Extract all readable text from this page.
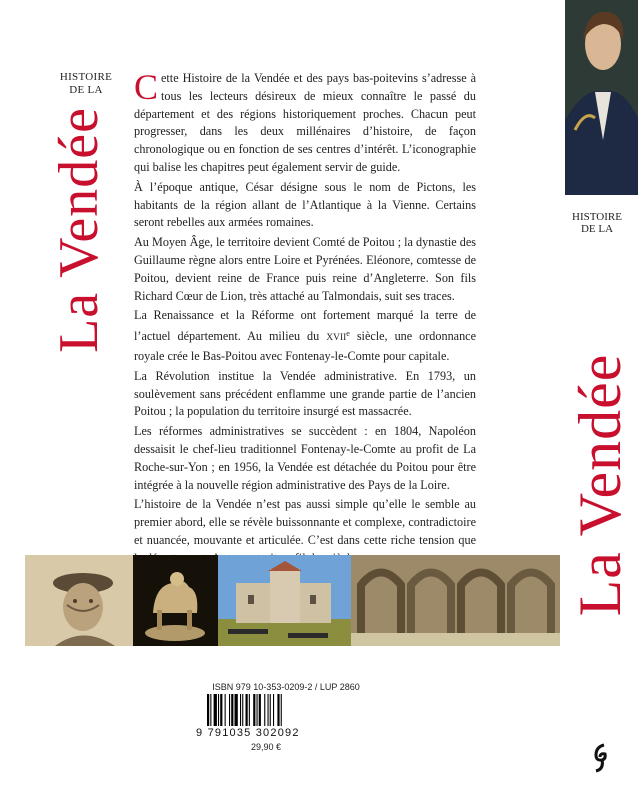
HISTOIRE
DE LA
La Vendée

Cette Histoire de la Vendée et des pays bas-poitevins s’adresse à tous les lecteurs désireux de mieux connaître le passé du département et des régions historiquement proches. Chacun peut progresser, dans les deux millénaires d’histoire, de façon chronologique ou en fonction de ses centres d’intérêt. L’iconographie qui balise les chapitres peut également servir de guide.

À l’époque antique, César désigne sous le nom de Pictons, les habitants de la région allant de l’Atlantique à la Vienne. Certains seront rebelles aux armées romaines.

Au Moyen Âge, le territoire devient Comté de Poitou ; la dynastie des Guillaume règne alors entre Loire et Pyrénées. Eléonore, comtesse de Poitou, devient reine de France puis reine d’Angleterre. Son fils Richard Cœur de Lion, très attaché au Talmondais, suit ses traces.

La Renaissance et la Réforme ont fortement marqué la terre de l’actuel département. Au milieu du XVIIe siècle, une ordonnance royale crée le Bas-Poitou avec Fontenay-le-Comte pour capitale.

La Révolution institue la Vendée administrative. En 1793, un soulèvement sans précédent enflamme une grande partie de l’ancien Poitou ; la population du territoire insurgé est massacrée.

Les réformes administratives se succèdent : en 1804, Napoléon dessaisit le chef-lieu traditionnel Fontenay-le-Comte au profit de La Roche-sur-Yon ; en 1956, la Vendée est détachée du Poitou pour être intégrée à la nouvelle région administrative des Pays de la Loire.

L’histoire de la Vendée n’est pas aussi simple qu’elle le semble au premier abord, elle se révèle buissonnante et complexe, contradictoire et nuancée, mouvante et articulée. C’est dans cette riche tension que

ISBN 979 10-353-0209-2 / LUP 2860
9 791035 302092
29,90 €
HISTOIRE
DE LA
La Vendée
